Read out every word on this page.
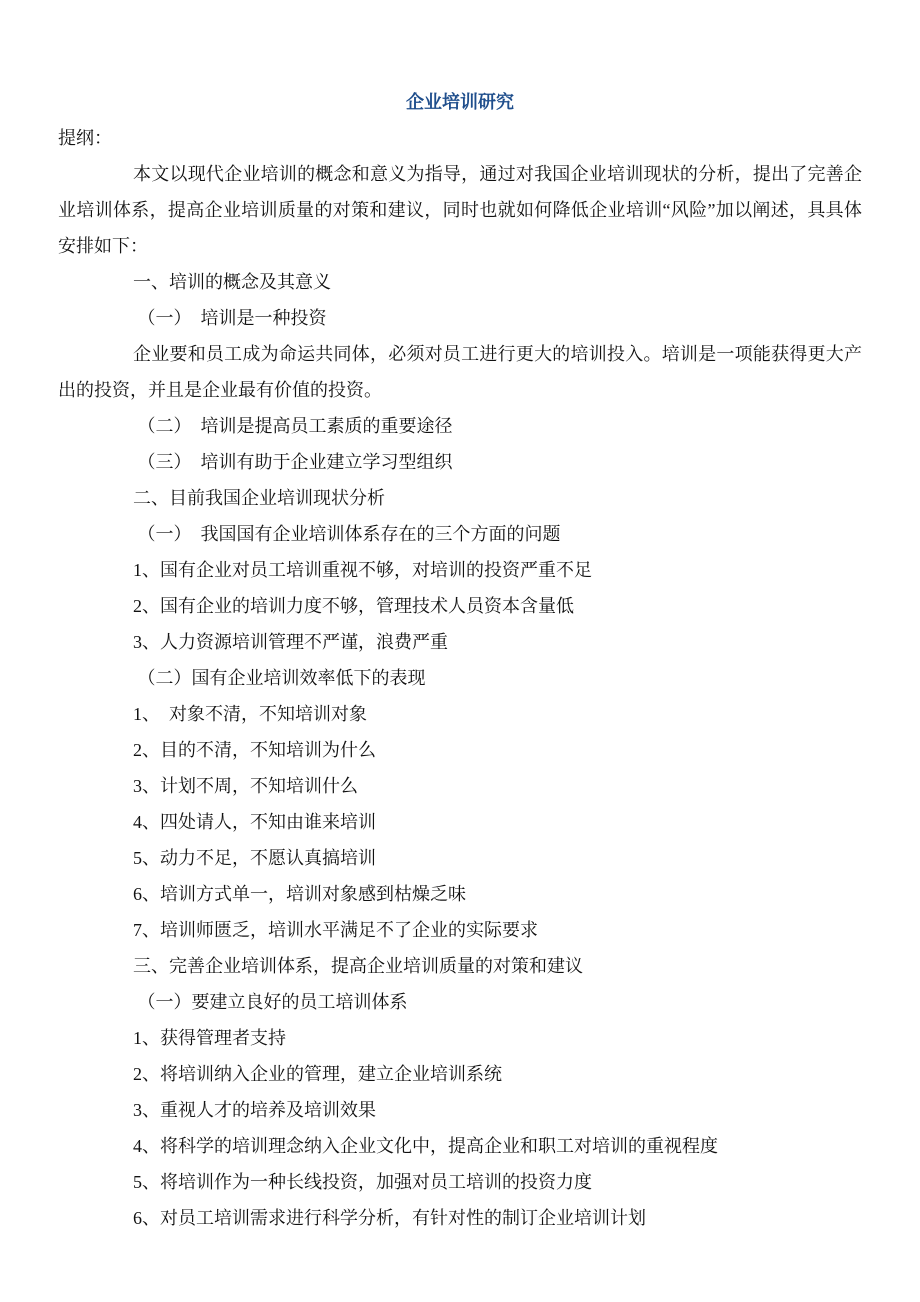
企业培训研究
提纲：
本文以现代企业培训的概念和意义为指导，通过对我国企业培训现状的分析，提出了完善企业培训体系，提高企业培训质量的对策和建议，同时也就如何降低企业培训“风险”加以阐述，具具体安排如下：
一、培训的概念及其意义
（一）  培训是一种投资
企业要和员工成为命运共同体，必须对员工进行更大的培训投入。培训是一项能获得更大产出的投资，并且是企业最有价值的投资。
（二）  培训是提高员工素质的重要途径
（三）  培训有助于企业建立学习型组织
二、目前我国企业培训现状分析
（一）  我国国有企业培训体系存在的三个方面的问题
1、国有企业对员工培训重视不够，对培训的投资严重不足
2、国有企业的培训力度不够，管理技术人员资本含量低
3、人力资源培训管理不严谨，浪费严重
（二）国有企业培训效率低下的表现
1、  对象不清，不知培训对象
2、目的不清，不知培训为什么
3、计划不周，不知培训什么
4、四处请人，不知由谁来培训
5、动力不足，不愿认真搞培训
6、培训方式单一，培训对象感到枯燥乏味
7、培训师匮乏，培训水平满足不了企业的实际要求
三、完善企业培训体系，提高企业培训质量的对策和建议
（一）要建立良好的员工培训体系
1、获得管理者支持
2、将培训纳入企业的管理，建立企业培训系统
3、重视人才的培养及培训效果
4、将科学的培训理念纳入企业文化中，提高企业和职工对培训的重视程度
5、将培训作为一种长线投资，加强对员工培训的投资力度
6、对员工培训需求进行科学分析，有针对性的制订企业培训计划
